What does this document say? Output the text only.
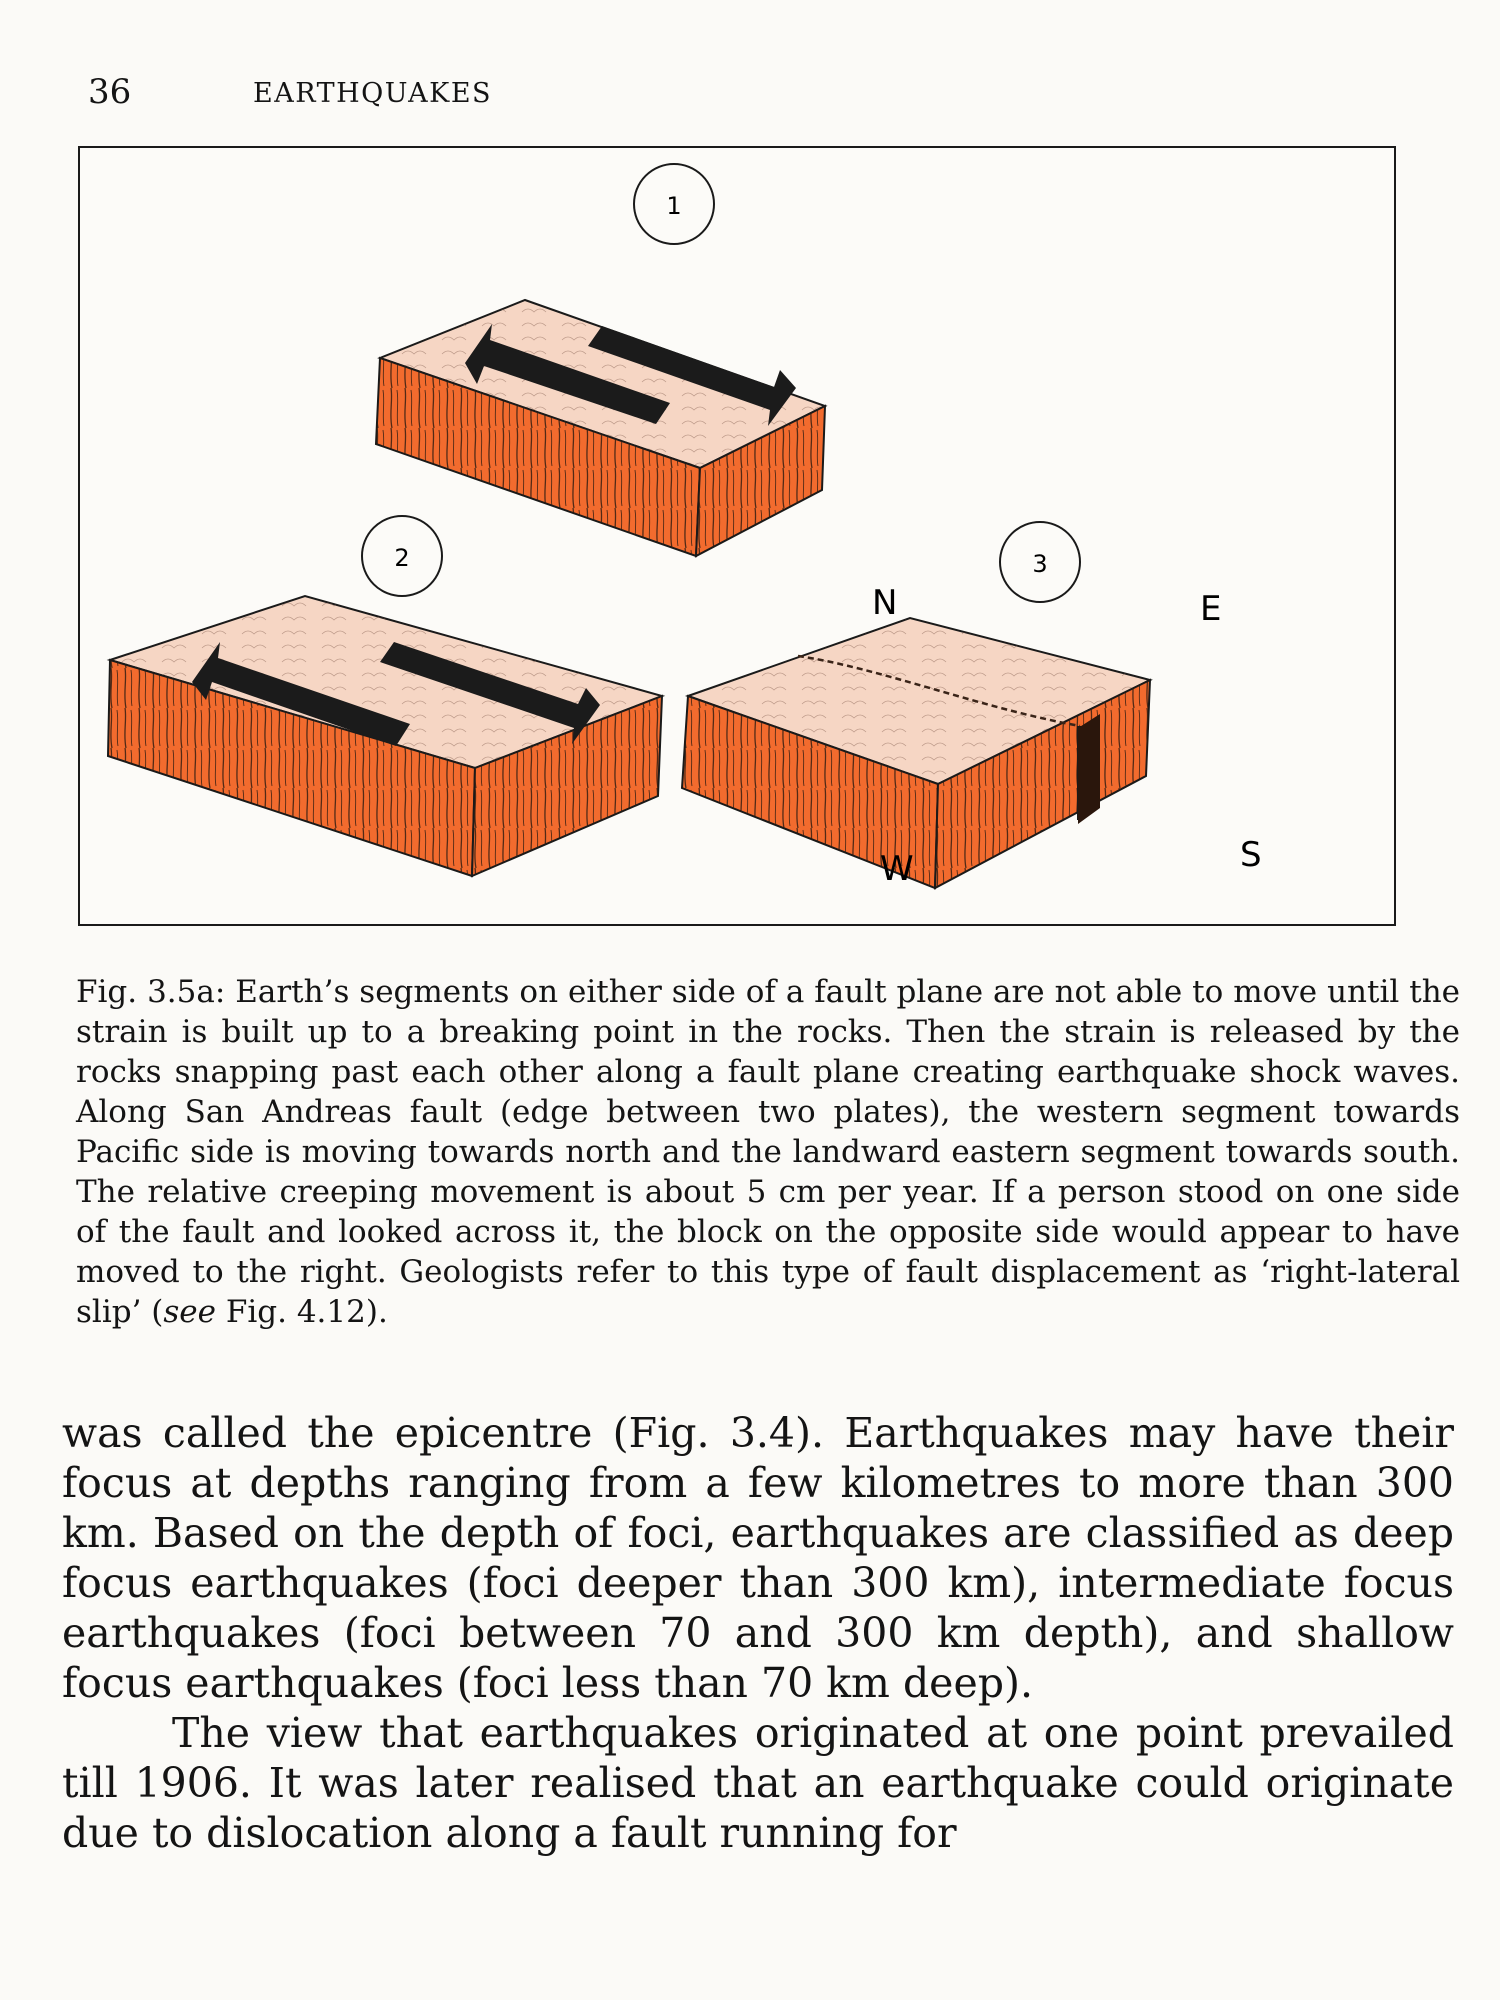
36	EARTHQUAKES
1
2	3
N	E
W	S
Fig. 3.5a: Earth’s segments on either side of a fault plane are not able to move until the strain is built up to a breaking point in the rocks. Then the strain is released by the rocks snapping past each other along a fault plane creating earthquake shock waves. Along San Andreas fault (edge between two plates), the western segment towards Pacific side is moving towards north and the landward eastern segment towards south. The relative creeping movement is about 5 cm per year. If a person stood on one side of the fault and looked across it, the block on the opposite side would appear to have moved to the right. Geologists refer to this type of fault displacement as ‘right-lateral slip’ (see Fig. 4.12).

was called the epicentre (Fig. 3.4). Earthquakes may have their focus at depths ranging from a few kilometres to more than 300 km. Based on the depth of foci, earthquakes are classified as deep focus earthquakes (foci deeper than 300 km), intermediate focus earthquakes (foci between 70 and 300 km depth), and shallow focus earthquakes (foci less than 70 km deep).

The view that earthquakes originated at one point prevailed till 1906. It was later realised that an earthquake could originate due to dislocation along a fault running for
